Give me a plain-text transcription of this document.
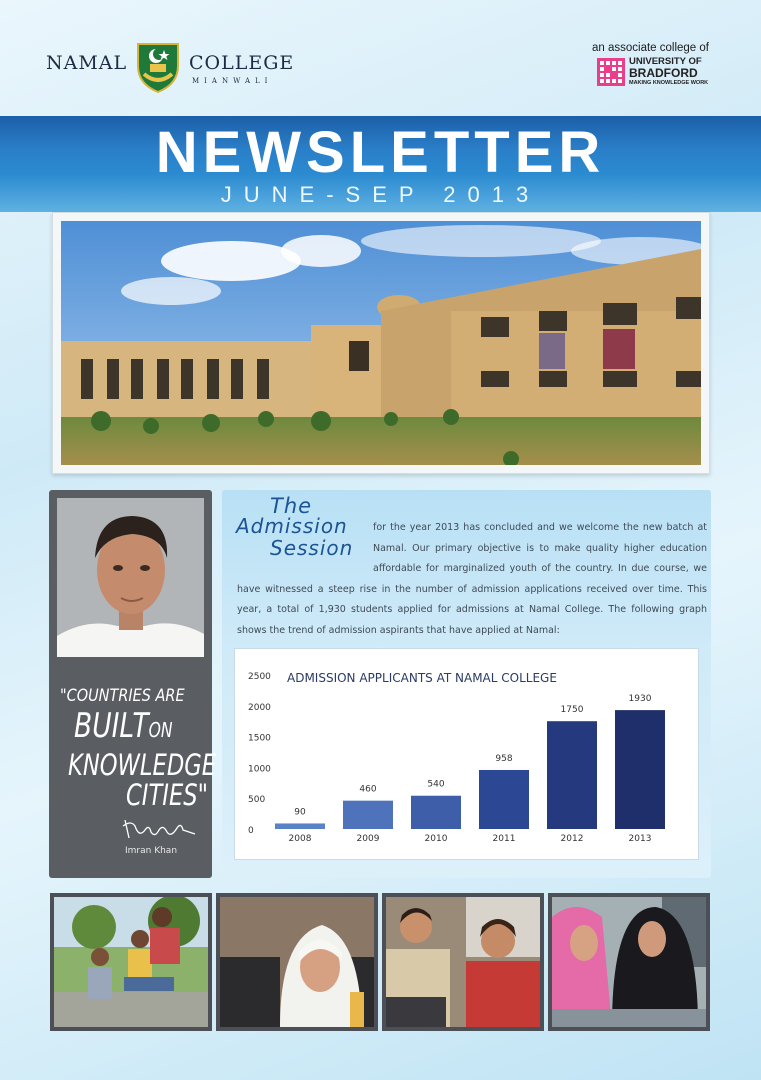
NAMAL	COLLEGE
MIANWALI
an associate college of
UNIVERSITY OF
BRADFORD
MAKING KNOWLEDGE WORK
NEWSLETTER
JUNE-SEP 2013
"COUNTRIES ARE
BUILTON
KNOWLEDGE
CITIES"
Imran Khan
The
Admission
Session
for the year 2013 has concluded and we welcome the new batch at Namal. Our primary objective is to make quality higher education affordable for marginalized youth of the country. In due course, we have witnessed a steep rise in the number of admission applications received over time. This year, a total of 1,930 students applied for admissions at Namal College. The following graph shows the trend of admission aspirants that have applied at Namal:
ADMISSION APPLICANTS AT NAMAL COLLEGE
0
500
1000
1500
2000
2500
90
2008
460
2009
540
2010
958
2011
1750
2012
1930
2013
